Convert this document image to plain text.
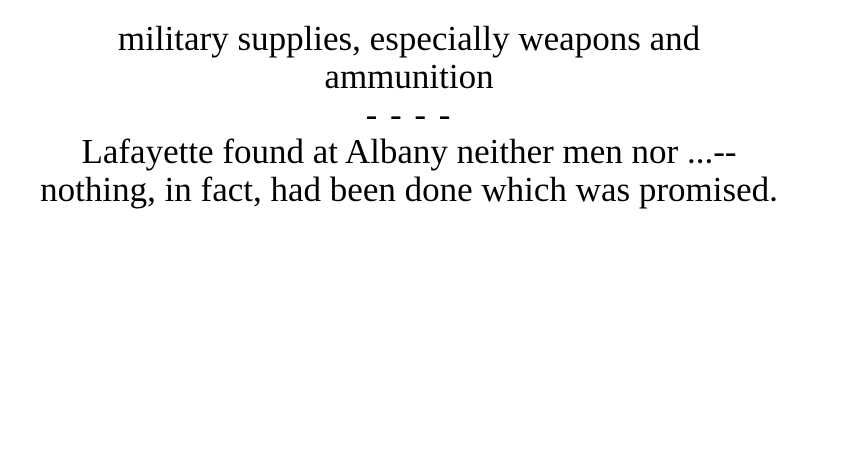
military supplies, especially weapons and ammunition

- - - -

Lafayette found at Albany neither men nor ...-- nothing, in fact, had been done which was promised.
